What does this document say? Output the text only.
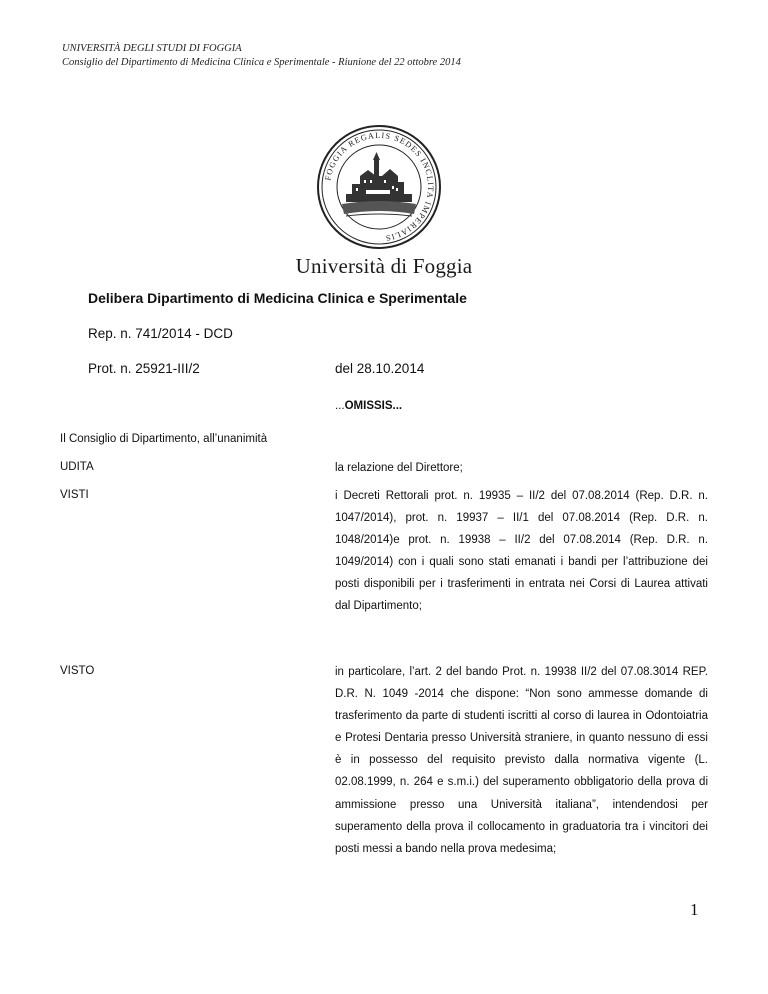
UNIVERSITÀ DEGLI STUDI DI FOGGIA
Consiglio del Dipartimento di Medicina Clinica e Sperimentale - Riunione del 22 ottobre 2014
FOGGIA REGALIS SEDES INCLITA IMPERIALIS
Università di Foggia
Delibera Dipartimento di Medicina Clinica e Sperimentale
Rep. n. 741/2014 - DCD
Prot. n. 25921-III/2	del 28.10.2014
...OMISSIS...
Il Consiglio di Dipartimento, all’unanimità
UDITA	la relazione del Direttore;
VISTI	i Decreti Rettorali prot. n. 19935 – II/2 del 07.08.2014 (Rep. D.R. n. 1047/2014), prot. n. 19937 – II/1 del 07.08.2014 (Rep. D.R. n. 1048/2014)e prot. n. 19938 – II/2 del 07.08.2014 (Rep. D.R. n. 1049/2014) con i quali sono stati emanati i bandi per l’attribuzione dei posti disponibili per i trasferimenti in entrata nei Corsi di Laurea attivati dal Dipartimento;
VISTO	in particolare, l’art. 2 del bando Prot. n. 19938 II/2 del 07.08.3014 REP. D.R. N. 1049 -2014 che dispone: “Non sono ammesse domande di trasferimento da parte di studenti iscritti al corso di laurea in Odontoiatria e Protesi Dentaria presso Università straniere, in quanto nessuno di essi è in possesso del requisito previsto dalla normativa vigente (L. 02.08.1999, n. 264 e s.m.i.) del superamento obbligatorio della prova di ammissione presso una Università italiana”, intendendosi per superamento della prova il collocamento in graduatoria tra i vincitori dei posti messi a bando nella prova medesima;
1
